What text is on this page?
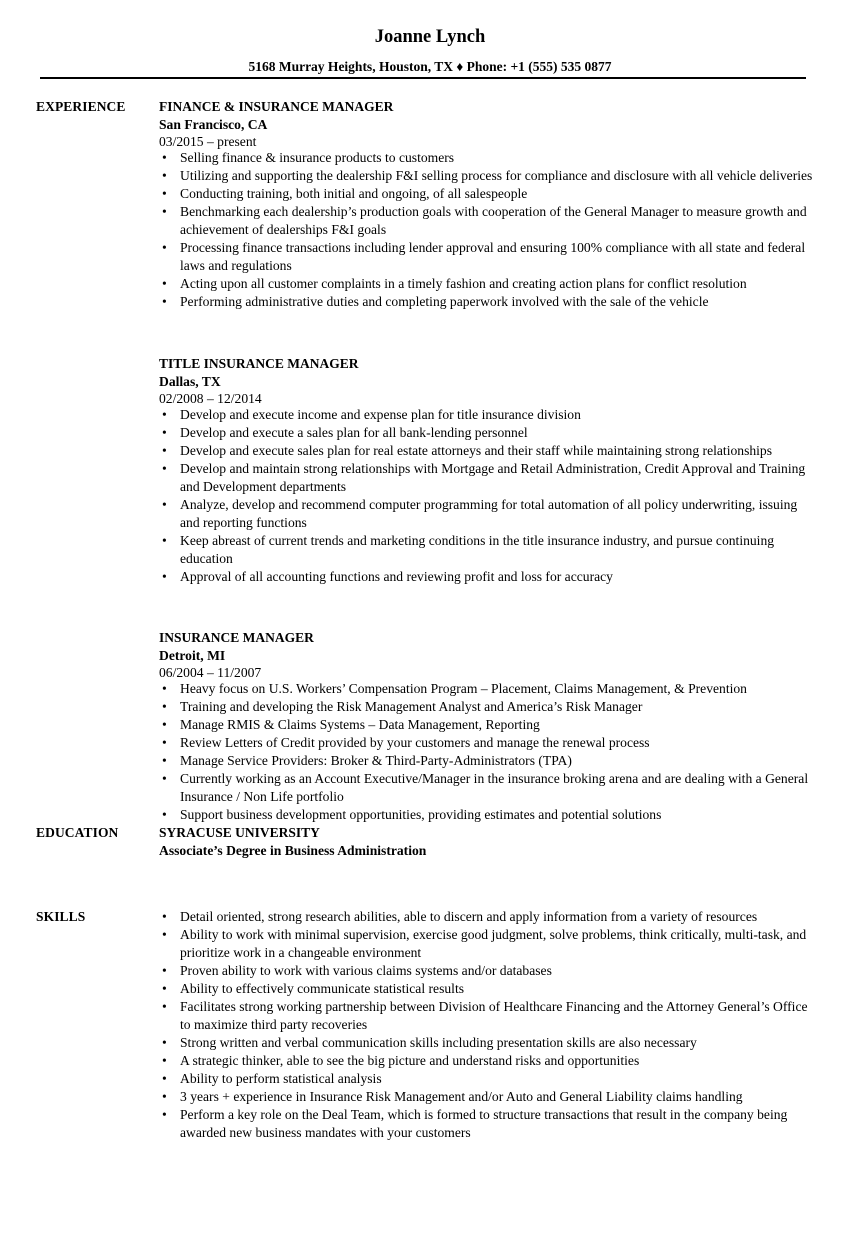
Joanne Lynch
5168 Murray Heights, Houston, TX ♦ Phone: +1 (555) 535 0877
EXPERIENCE FINANCE & INSURANCE MANAGER
San Francisco, CA
03/2015 – present
• Selling finance & insurance products to customers
• Utilizing and supporting the dealership F&I selling process for compliance and disclosure with all vehicle deliveries
• Conducting training, both initial and ongoing, of all salespeople
• Benchmarking each dealership’s production goals with cooperation of the General Manager to measure growth and achievement of dealerships F&I goals
• Processing finance transactions including lender approval and ensuring 100% compliance with all state and federal laws and regulations
• Acting upon all customer complaints in a timely fashion and creating action plans for conflict resolution
• Performing administrative duties and completing paperwork involved with the sale of the vehicle
TITLE INSURANCE MANAGER
Dallas, TX
02/2008 – 12/2014
• Develop and execute income and expense plan for title insurance division
• Develop and execute a sales plan for all bank-lending personnel
• Develop and execute sales plan for real estate attorneys and their staff while maintaining strong relationships
• Develop and maintain strong relationships with Mortgage and Retail Administration, Credit Approval and Training and Development departments
• Analyze, develop and recommend computer programming for total automation of all policy underwriting, issuing and reporting functions
• Keep abreast of current trends and marketing conditions in the title insurance industry, and pursue continuing education
• Approval of all accounting functions and reviewing profit and loss for accuracy
INSURANCE MANAGER
Detroit, MI
06/2004 – 11/2007
• Heavy focus on U.S. Workers’ Compensation Program – Placement, Claims Management, & Prevention
• Training and developing the Risk Management Analyst and America’s Risk Manager
• Manage RMIS & Claims Systems – Data Management, Reporting
• Review Letters of Credit provided by your customers and manage the renewal process
• Manage Service Providers: Broker & Third-Party-Administrators (TPA)
• Currently working as an Account Executive/Manager in the insurance broking arena and are dealing with a General Insurance / Non Life portfolio
• Support business development opportunities, providing estimates and potential solutions
EDUCATION	SYRACUSE UNIVERSITY
Associate’s Degree in Business Administration
SKILLS	• Detail oriented, strong research abilities, able to discern and apply information from a variety of resources
• Ability to work with minimal supervision, exercise good judgment, solve problems, think critically, multi-task, and prioritize work in a changeable environment
• Proven ability to work with various claims systems and/or databases
• Ability to effectively communicate statistical results
• Facilitates strong working partnership between Division of Healthcare Financing and the Attorney General’s Office to maximize third party recoveries
• Strong written and verbal communication skills including presentation skills are also necessary
• A strategic thinker, able to see the big picture and understand risks and opportunities
• Ability to perform statistical analysis
• 3 years + experience in Insurance Risk Management and/or Auto and General Liability claims handling
• Perform a key role on the Deal Team, which is formed to structure transactions that result in the company being awarded new business mandates with your customers
